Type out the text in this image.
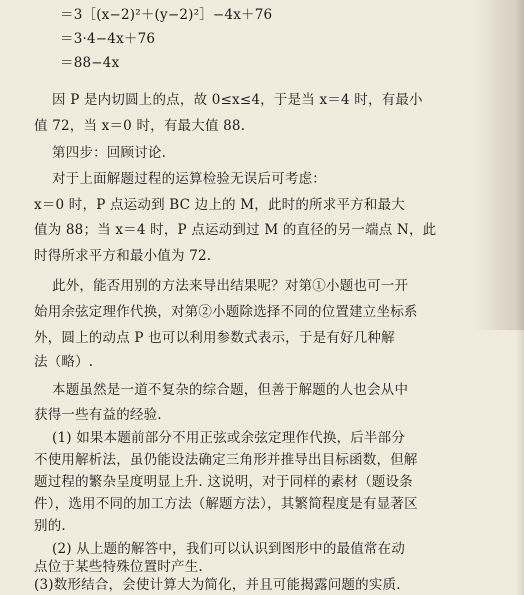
＝3［(x−2)²＋(y−2)²］−4x＋76
＝3·4−4x＋76
＝88−4x
因 P 是内切圆上的点，故 0≤x≤4，于是当 x＝4 时，有最小
值 72，当 x＝0 时，有最大值 88.
第四步：回顾讨论.
对于上面解题过程的运算检验无误后可考虑：
x＝0 时，P 点运动到 BC 边上的 M，此时的所求平方和最大
值为 88；当 x＝4 时，P 点运动到过 M 的直径的另一端点 N，此
时得所求平方和最小值为 72.
此外，能否用别的方法来导出结果呢？对第①小题也可一开
始用余弦定理作代换，对第②小题除选择不同的位置建立坐标系
外，圆上的动点 P 也可以利用参数式表示，于是有好几种解
法（略）.
本题虽然是一道不复杂的综合题，但善于解题的人也会从中
获得一些有益的经验.
(1) 如果本题前部分不用正弦或余弦定理作代换，后半部分
不使用解析法，虽仍能设法确定三角形并推导出目标函数，但解
题过程的繁杂呈度明显上升. 这说明，对于同样的素材（题设条
件），选用不同的加工方法（解题方法），其繁简程度是有显著区
别的.
(2) 从上题的解答中，我们可以认识到图形中的最值常在动
点位于某些特殊位置时产生.
(3)数形结合，会使计算大为简化，并且可能揭露问题的实质.
